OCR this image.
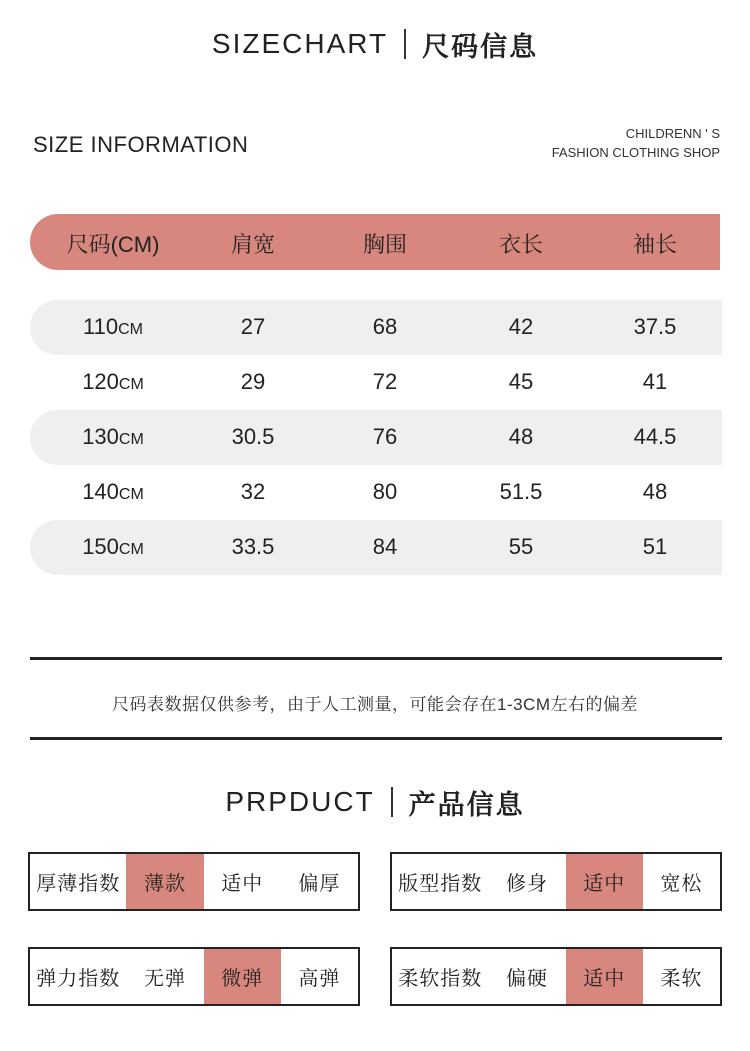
SIZECHART 尺码信息
SIZE INFORMATION	CHILDRENN ' S
FASHION CLOTHING SHOP
尺码(CM)	肩宽	胸围	衣长	袖长
110CM	27	68	42	37.5
120CM	29	72	45	41
130CM	30.5	76	48	44.5
140CM	32	80	51.5	48
150CM	33.5	84	55	51
尺码表数据仅供参考，由于人工测量，可能会存在1-3CM左右的偏差
PRPDUCT 产品信息
厚薄指数	薄款	适中	偏厚	版型指数	修身	适中	宽松
弹力指数	无弹	微弹	高弹	柔软指数	偏硬	适中	柔软
